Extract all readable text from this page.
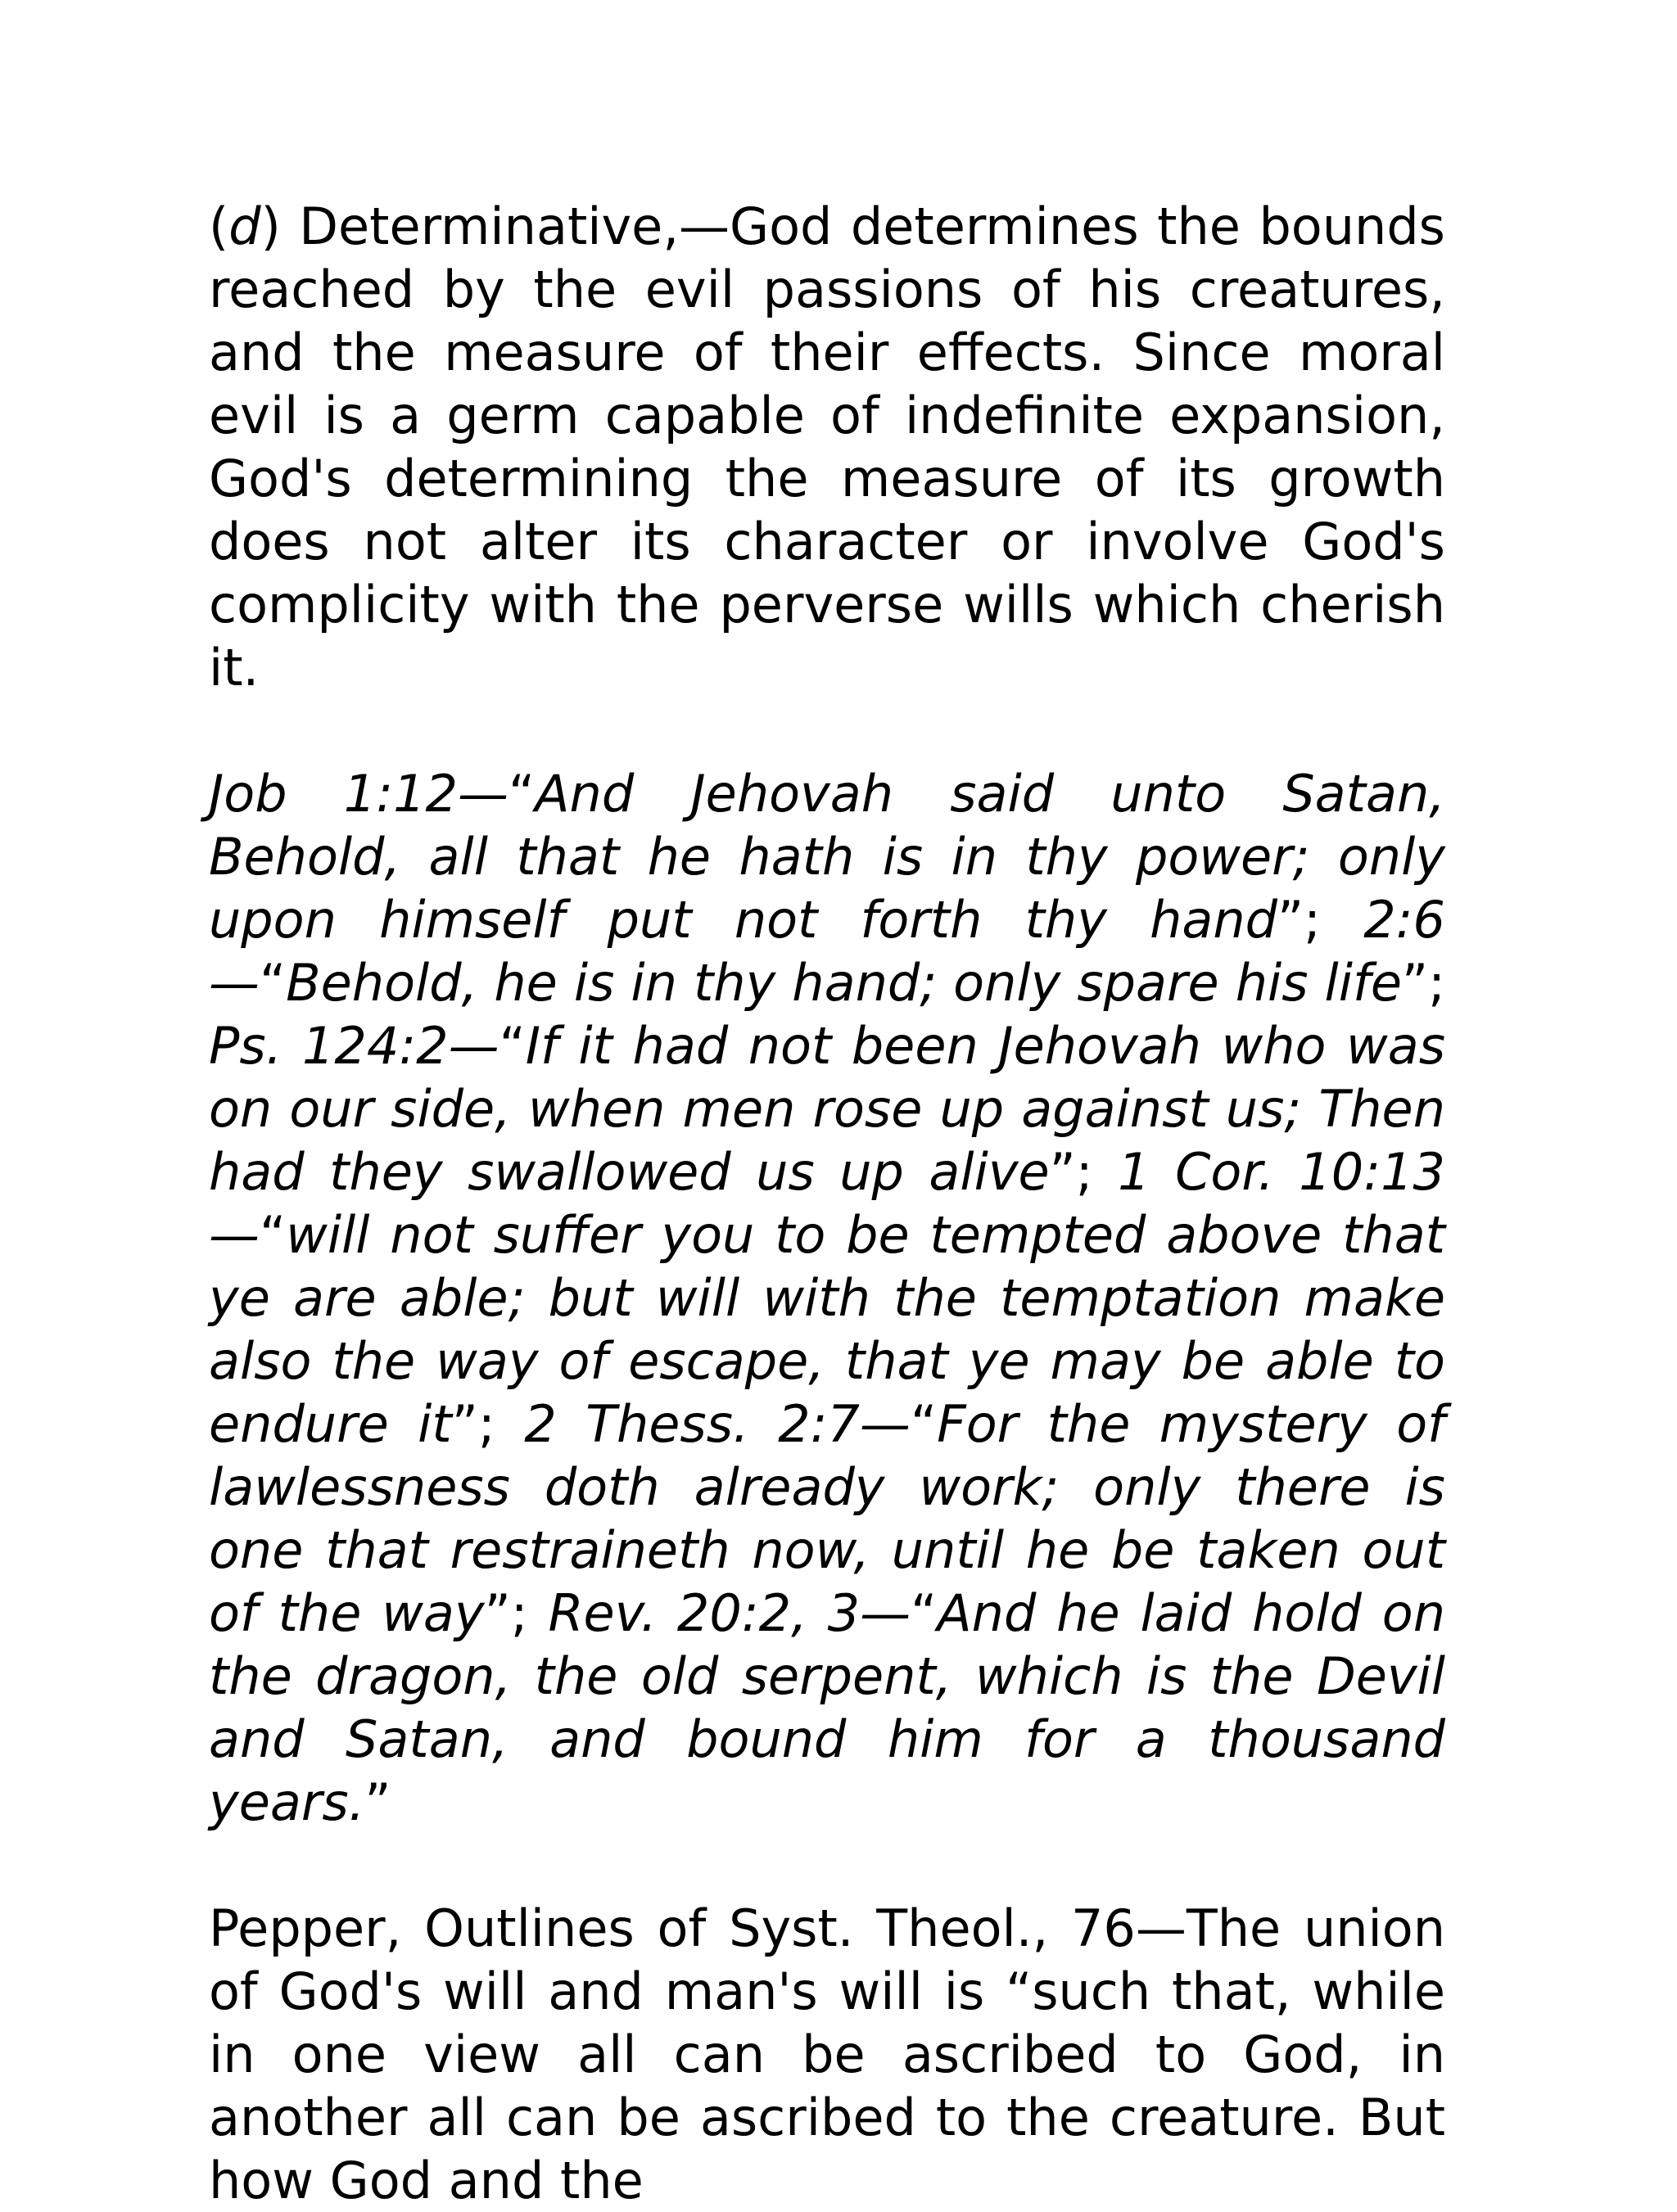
(d) Determinative,—God determines the bounds reached by the evil passions of his creatures, and the measure of their effects. Since moral evil is a germ capable of indefinite expansion, God's determining the measure of its growth does not alter its character or involve God's complicity with the perverse wills which cherish it.

Job 1:12—“And Jehovah said unto Satan, Behold, all that he hath is in thy power; only upon himself put not forth thy hand”; 2:6—“Behold, he is in thy hand; only spare his life”; Ps. 124:2—“If it had not been Jehovah who was on our side, when men rose up against us; Then had they swallowed us up alive”; 1 Cor. 10:13—“will not suffer you to be tempted above that ye are able; but will with the temptation make also the way of escape, that ye may be able to endure it”; 2 Thess. 2:7—“For the mystery of lawlessness doth already work; only there is one that restraineth now, until he be taken out of the way”; Rev. 20:2, 3—“And he laid hold on the dragon, the old serpent, which is the Devil and Satan, and bound him for a thousand years.”

Pepper, Outlines of Syst. Theol., 76—The union of God's will and man's will is “such that, while in one view all can be ascribed to God, in another all can be ascribed to the creature. But how God and the
